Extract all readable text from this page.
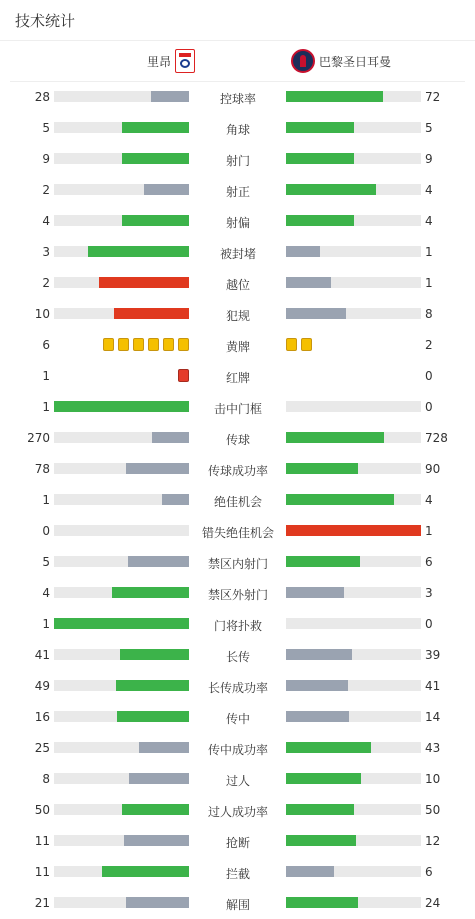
技术统计
里昂	巴黎圣日耳曼
28	控球率	72
5	角球	5
9	射门	9
2	射正	4
4	射偏	4
3	被封堵	1
2	越位	1
10	犯规	8
6	黄牌	2
1	红牌	0
1	击中门框	0
270	传球	728
78	传球成功率	90
1	绝佳机会	4
0	错失绝佳机会	1
5	禁区内射门	6
4	禁区外射门	3
1	门将扑救	0
41	长传	39
49	长传成功率	41
16	传中	14
25	传中成功率	43
8	过人	10
50	过人成功率	50
11	抢断	12
11	拦截	6
21	解围	24
